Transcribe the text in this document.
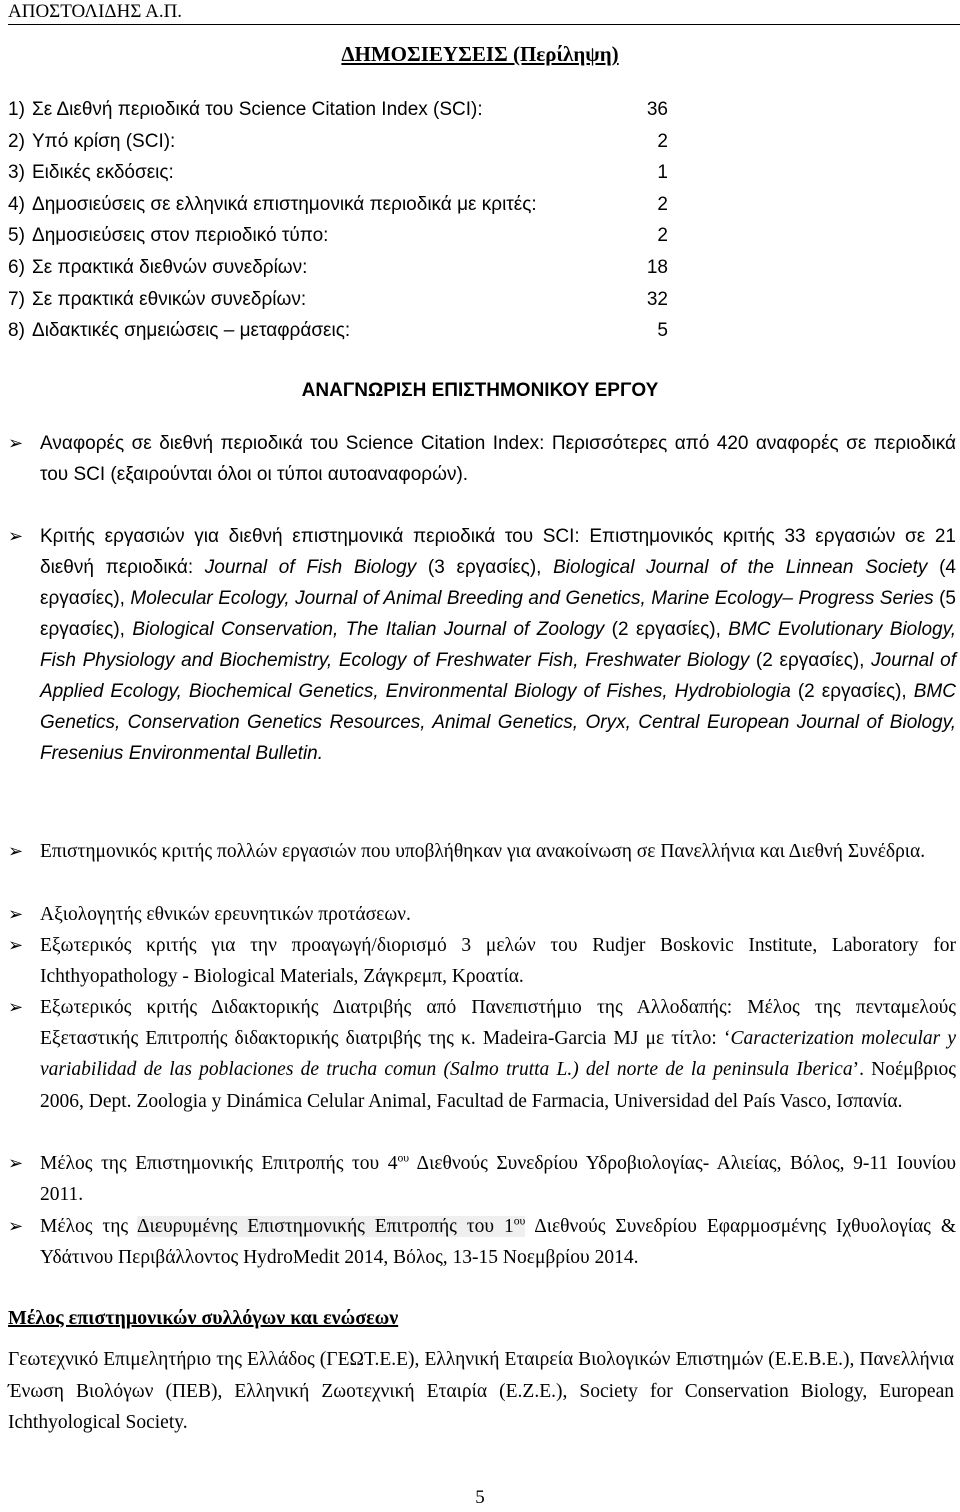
ΑΠΟΣΤΟΛΙΔΗΣ Α.Π.
ΔΗΜΟΣΙΕΥΣΕΙΣ (Περίληψη)
1) Σε Διεθνή περιοδικά του Science Citation Index (SCI):	36
2) Υπό κρίση (SCI):	2
3) Ειδικές εκδόσεις:	1
4) Δημοσιεύσεις σε ελληνικά επιστημονικά περιοδικά με κριτές:	2
5) Δημοσιεύσεις στον περιοδικό τύπο:	2
6) Σε πρακτικά διεθνών συνεδρίων:	18
7) Σε πρακτικά εθνικών συνεδρίων:	32
8) Διδακτικές σημειώσεις – μεταφράσεις:	5
ΑΝΑΓΝΩΡΙΣΗ ΕΠΙΣΤΗΜΟΝΙΚΟΥ ΕΡΓΟΥ
➢ Αναφορές σε διεθνή περιοδικά του Science Citation Index: Περισσότερες από 420 αναφορές σε περιοδικά του SCI (εξαιρούνται όλοι οι τύποι αυτοαναφορών).
➢ Κριτής εργασιών για διεθνή επιστημονικά περιοδικά του SCI: Επιστημονικός κριτής 33 εργασιών σε 21 διεθνή περιοδικά: Journal of Fish Biology (3 εργασίες), Biological Journal of the Linnean Society (4 εργασίες), Molecular Ecology, Journal of Animal Breeding and Genetics, Marine Ecology– Progress Series (5 εργασίες), Biological Conservation, The Italian Journal of Zoology (2 εργασίες), BMC Evolutionary Biology, Fish Physiology and Biochemistry, Ecology of Freshwater Fish, Freshwater Biology (2 εργασίες), Journal of Applied Ecology, Biochemical Genetics, Environmental Biology of Fishes, Hydrobiologia (2 εργασίες), BMC Genetics, Conservation Genetics Resources, Animal Genetics, Oryx, Central European Journal of Biology, Fresenius Environmental Bulletin.
➢ Επιστημονικός κριτής πολλών εργασιών που υποβλήθηκαν για ανακοίνωση σε Πανελλήνια και Διεθνή Συνέδρια.
➢ Αξιολογητής εθνικών ερευνητικών προτάσεων.
➢ Εξωτερικός κριτής για την προαγωγή/διορισμό 3 μελών του Rudjer Boskovic Institute, Laboratory for Ichthyopathology - Biological Materials, Ζάγκρεμπ, Κροατία.
➢ Εξωτερικός κριτής Διδακτορικής Διατριβής από Πανεπιστήμιο της Αλλοδαπής: Μέλος της πενταμελούς Εξεταστικής Επιτροπής διδακτορικής διατριβής της κ. Madeira-Garcia MJ με τίτλο: ‘Caracterization molecular y variabilidad de las poblaciones de trucha comun (Salmo trutta L.) del norte de la peninsula Iberica’. Νοέμβριος 2006, Dept. Zoologia y Dinámica Celular Animal, Facultad de Farmacia, Universidad del País Vasco, Ισπανία.
➢ Μέλος της Επιστημονικής Επιτροπής του $4^{o\upsilon}$ Διεθνούς Συνεδρίου Υδροβιολογίας- Αλιείας, Βόλος, 9-11 Ιουνίου 2011.
➢ Μέλος της Διευρυμένης Επιστημονικής Επιτροπής του $1^{o\upsilon}$ Διεθνούς Συνεδρίου Εφαρμοσμένης Ιχθυολογίας & Υδάτινου Περιβάλλοντος HydroMedit 2014, Βόλος, 13-15 Νοεμβρίου 2014.
Μέλος επιστημονικών συλλόγων και ενώσεων
Γεωτεχνικό Επιμελητήριο της Ελλάδος (ΓΕΩΤ.Ε.Ε), Ελληνική Εταιρεία Βιολογικών Επιστημών (Ε.Ε.Β.Ε.), Πανελλήνια Ένωση Βιολόγων (ΠΕΒ), Ελληνική Ζωοτεχνική Εταιρία (Ε.Ζ.Ε.), Society for Conservation Biology, European Ichthyological Society.
5
